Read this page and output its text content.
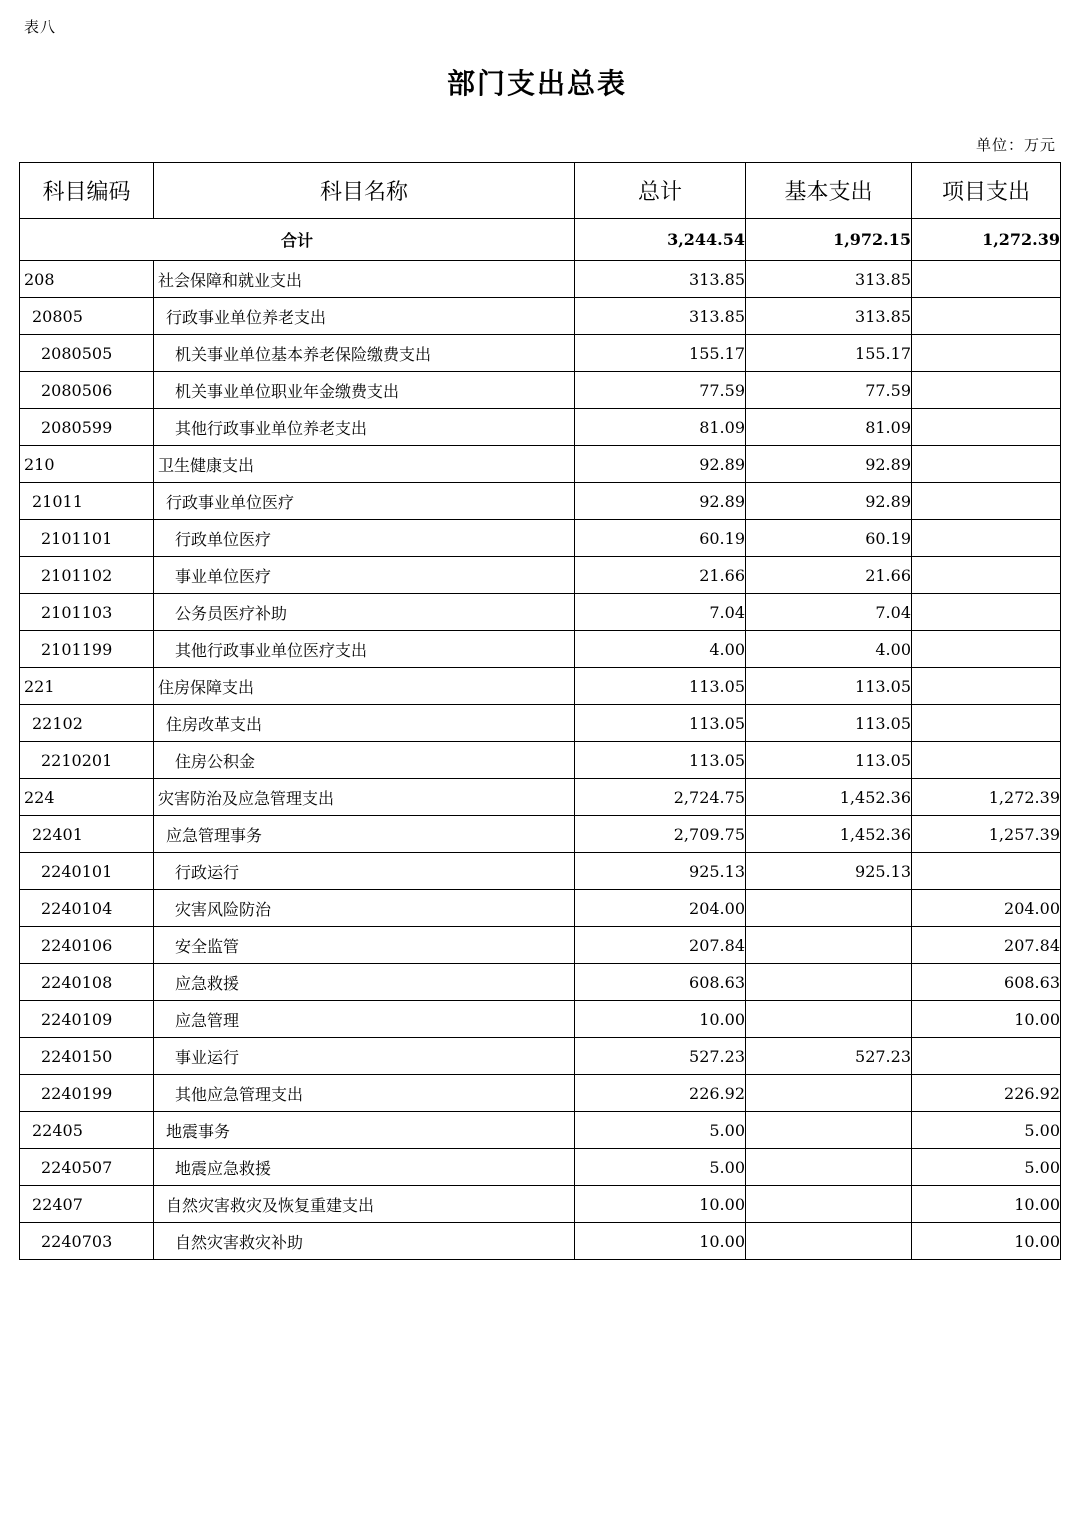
表八
部门支出总表
单位：万元
科目编码	科目名称	总计	基本支出	项目支出
合计		3,244.54	1,972.15	1,272.39
208	社会保障和就业支出	313.85	313.85	
20805	行政事业单位养老支出	313.85	313.85	
2080505	机关事业单位基本养老保险缴费支出	155.17	155.17	
2080506	机关事业单位职业年金缴费支出	77.59	77.59	
2080599	其他行政事业单位养老支出	81.09	81.09	
210	卫生健康支出	92.89	92.89	
21011	行政事业单位医疗	92.89	92.89	
2101101	行政单位医疗	60.19	60.19	
2101102	事业单位医疗	21.66	21.66	
2101103	公务员医疗补助	7.04	7.04	
2101199	其他行政事业单位医疗支出	4.00	4.00	
221	住房保障支出	113.05	113.05	
22102	住房改革支出	113.05	113.05	
2210201	住房公积金	113.05	113.05	
224	灾害防治及应急管理支出	2,724.75	1,452.36	1,272.39
22401	应急管理事务	2,709.75	1,452.36	1,257.39
2240101	行政运行	925.13	925.13	
2240104	灾害风险防治	204.00		204.00
2240106	安全监管	207.84		207.84
2240108	应急救援	608.63		608.63
2240109	应急管理	10.00		10.00
2240150	事业运行	527.23	527.23	
2240199	其他应急管理支出	226.92		226.92
22405	地震事务	5.00		5.00
2240507	地震应急救援	5.00		5.00
22407	自然灾害救灾及恢复重建支出	10.00		10.00
2240703	自然灾害救灾补助	10.00		10.00
